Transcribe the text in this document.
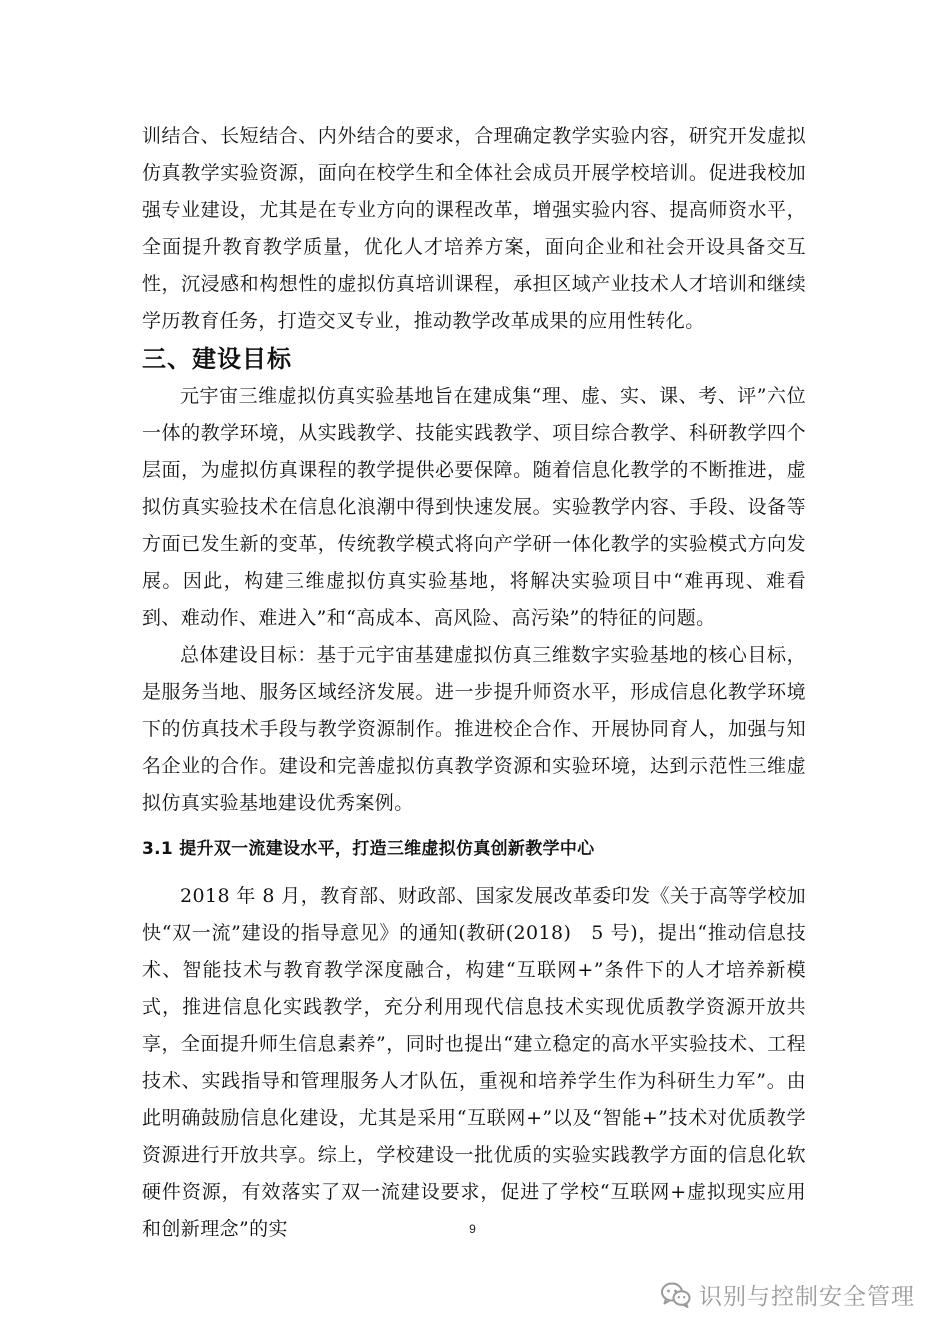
训结合、长短结合、内外结合的要求，合理确定教学实验内容，研究开发虚拟仿真教学实验资源，面向在校学生和全体社会成员开展学校培训。促进我校加强专业建设，尤其是在专业方向的课程改革，增强实验内容、提高师资水平，全面提升教育教学质量，优化人才培养方案，面向企业和社会开设具备交互性，沉浸感和构想性的虚拟仿真培训课程，承担区域产业技术人才培训和继续学历教育任务，打造交叉专业，推动教学改革成果的应用性转化。

三、建设目标

元宇宙三维虚拟仿真实验基地旨在建成集“理、虚、实、课、考、评”六位一体的教学环境，从实践教学、技能实践教学、项目综合教学、科研教学四个层面，为虚拟仿真课程的教学提供必要保障。随着信息化教学的不断推进，虚拟仿真实验技术在信息化浪潮中得到快速发展。实验教学内容、手段、设备等方面已发生新的变革，传统教学模式将向产学研一体化教学的实验模式方向发展。因此，构建三维虚拟仿真实验基地，将解决实验项目中“难再现、难看到、难动作、难进入”和“高成本、高风险、高污染”的特征的问题。

总体建设目标：基于元宇宙基建虚拟仿真三维数字实验基地的核心目标，是服务当地、服务区域经济发展。进一步提升师资水平，形成信息化教学环境下的仿真技术手段与教学资源制作。推进校企合作、开展协同育人，加强与知名企业的合作。建设和完善虚拟仿真教学资源和实验环境，达到示范性三维虚拟仿真实验基地建设优秀案例。

3.1 提升双一流建设水平，打造三维虚拟仿真创新教学中心

2018 年 8 月，教育部、财政部、国家发展改革委印发《关于高等学校加快“双一流”建设的指导意见》的通知(教研(2018)　5 号)，提出“推动信息技术、智能技术与教育教学深度融合，构建“互联网+”条件下的人才培养新模式，推进信息化实践教学，充分利用现代信息技术实现优质教学资源开放共享，全面提升师生信息素养”，同时也提出“建立稳定的高水平实验技术、工程技术、实践指导和管理服务人才队伍，重视和培养学生作为科研生力军”。由此明确鼓励信息化建设，尤其是采用“互联网+”以及“智能+”技术对优质教学资源进行开放共享。综上，学校建设一批优质的实验实践教学方面的信息化软硬件资源，有效落实了双一流建设要求，促进了学校“互联网+虚拟现实应用和创新理念”的实	9
识别与控制安全管理
